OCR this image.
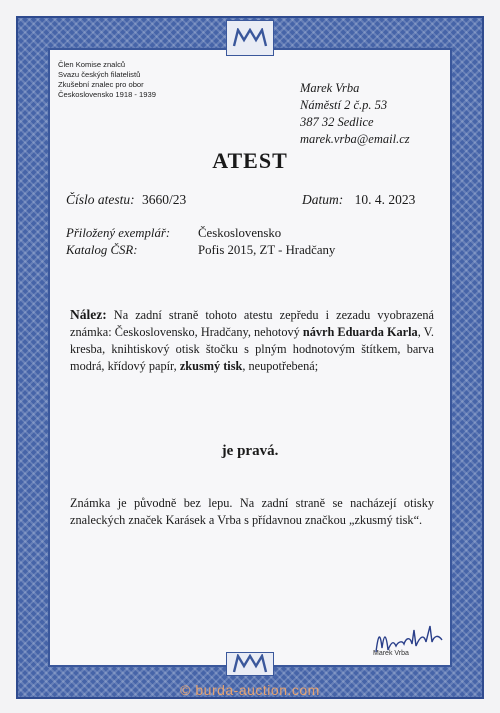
Člen Komise znalců
Svazu českých filatelistů
Zkušební znalec pro obor
Československo 1918 - 1939	Marek Vrba
Náměstí 2 č.p. 53
387 32 Sedlice
marek.vrba@email.cz
ATEST
Číslo atestu: 3660/23	Datum: 10. 4. 2023
Přiložený exemplář: Československo
Katalog ČSR:	Pofis 2015, ZT - Hradčany
Nález: Na zadní straně tohoto atestu zepředu i zezadu vyobrazená známka: Československo, Hradčany, nehotový návrh Eduarda Karla, V. kresba, knihtiskový otisk štočku s plným hodnotovým štítkem, barva modrá, křídový papír, zkusmý tisk, neupotřebená;
je pravá.
Známka je původně bez lepu. Na zadní straně se nacházejí otisky znaleckých značek Karásek a Vrba s přídavnou značkou „zkusmý tisk“.
Marek Vrba
© burda-auction.com
